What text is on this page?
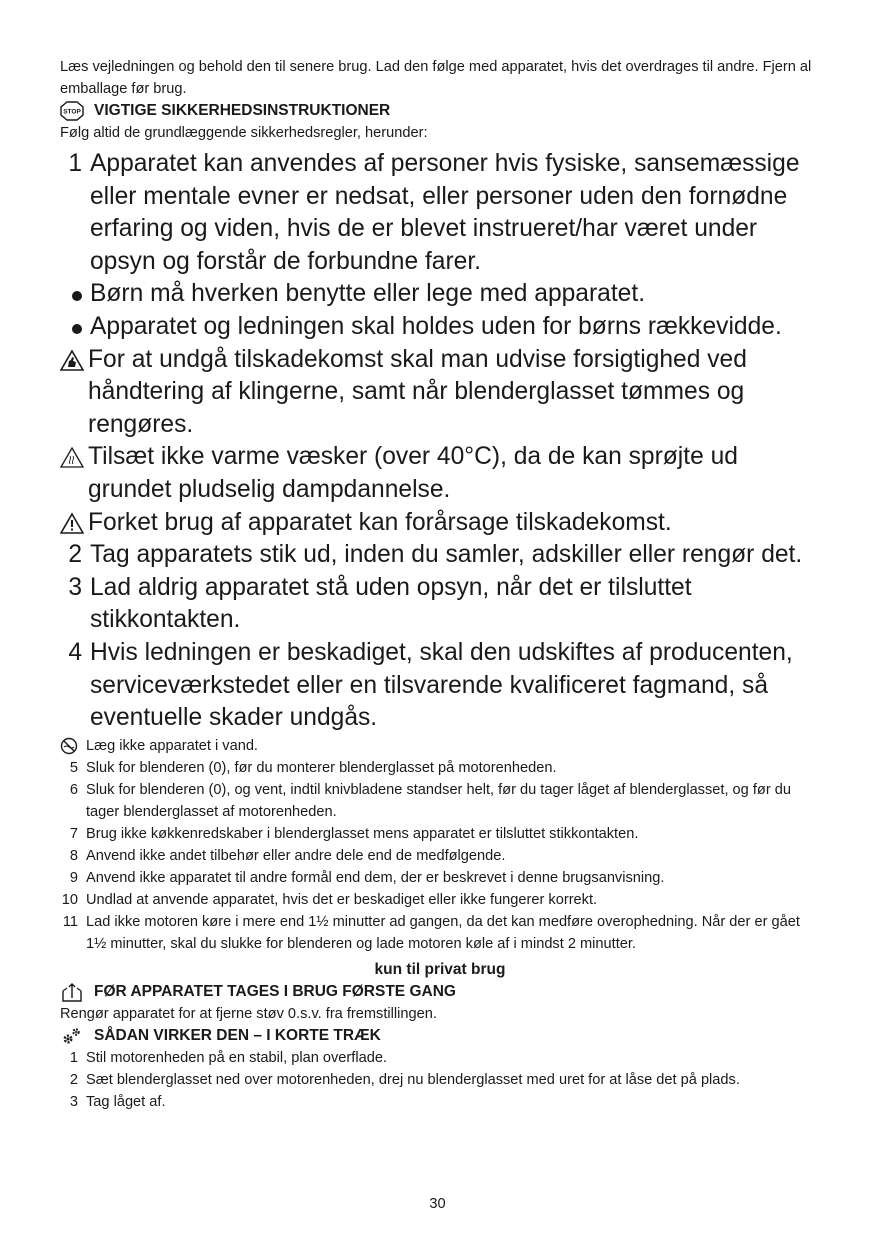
Læs vejledningen og behold den til senere brug. Lad den følge med apparatet, hvis det overdrages til andre. Fjern al emballage før brug.

STOP VIGTIGE SIKKERHEDSINSTRUKTIONER

Følg altid de grundlæggende sikkerhedsregler, herunder:

1 Apparatet kan anvendes af personer hvis fysiske, sansemæssige eller mentale evner er nedsat, eller personer uden den fornødne erfaring og viden, hvis de er blevet instrueret/har været under opsyn og forstår de forbundne farer.
Børn må hverken benytte eller lege med apparatet.
Apparatet og ledningen skal holdes uden for børns rækkevidde.
For at undgå tilskadekomst skal man udvise forsigtighed ved håndtering af klingerne, samt når blenderglasset tømmes og rengøres.
Tilsæt ikke varme væsker (over 40°C), da de kan sprøjte ud grundet pludselig dampdannelse.
Forket brug af apparatet kan forårsage tilskadekomst.
2 Tag apparatets stik ud, inden du samler, adskiller eller rengør det.
3 Lad aldrig apparatet stå uden opsyn, når det er tilsluttet stikkontakten.
4 Hvis ledningen er beskadiget, skal den udskiftes af producenten, serviceværkstedet eller en tilsvarende kvalificeret fagmand, så eventuelle skader undgås.
Læg ikke apparatet i vand.
5 Sluk for blenderen (0), før du monterer blenderglasset på motorenheden.
6 Sluk for blenderen (0), og vent, indtil knivbladene standser helt, før du tager låget af blenderglasset, og før du tager blenderglasset af motorenheden.
7 Brug ikke køkkenredskaber i blenderglasset mens apparatet er tilsluttet stikkontakten.
8 Anvend ikke andet tilbehør eller andre dele end de medfølgende.
9 Anvend ikke apparatet til andre formål end dem, der er beskrevet i denne brugsanvisning.
10 Undlad at anvende apparatet, hvis det er beskadiget eller ikke fungerer korrekt.
11 Lad ikke motoren køre i mere end 1½ minutter ad gangen, da det kan medføre overophedning. Når der er gået 1½ minutter, skal du slukke for blenderen og lade motoren køle af i mindst 2 minutter.

kun til privat brug

FØR APPARATET TAGES I BRUG FØRSTE GANG

Rengør apparatet for at fjerne støv 0.s.v. fra fremstillingen.

SÅDAN VIRKER DEN – I KORTE TRÆK
1 Stil motorenheden på en stabil, plan overflade.
2 Sæt blenderglasset ned over motorenheden, drej nu blenderglasset med uret for at låse det på plads.
3 Tag låget af.
30
